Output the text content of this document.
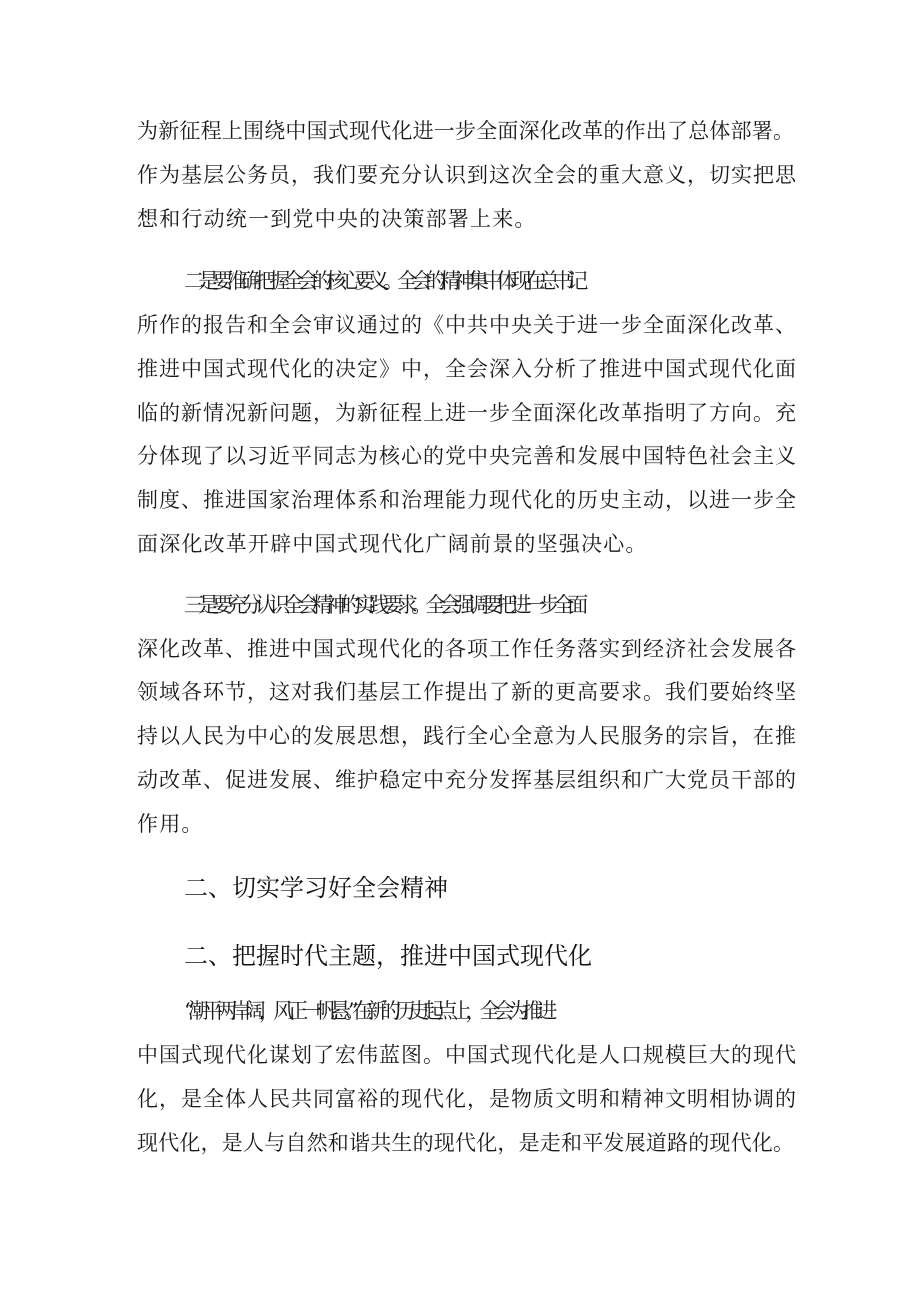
为新征程上围绕中国式现代化进一步全面深化改革的作出了总体部署。
作为基层公务员，我们要充分认识到这次全会的重大意义，切实把思
想和行动统一到党中央的决策部署上来。
二是要准确把握全会的核心要义。全会的精神集中体现在总书记
所作的报告和全会审议通过的《中共中央关于进一步全面深化改革、
推进中国式现代化的决定》中，全会深入分析了推进中国式现代化面
临的新情况新问题，为新征程上进一步全面深化改革指明了方向。充
分体现了以习近平同志为核心的党中央完善和发展中国特色社会主义
制度、推进国家治理体系和治理能力现代化的历史主动，以进一步全
面深化改革开辟中国式现代化广阔前景的坚强决心。
三是要充分认识全会精神的实践要求。全会强调要把进一步全面
深化改革、推进中国式现代化的各项工作任务落实到经济社会发展各
领域各环节，这对我们基层工作提出了新的更高要求。我们要始终坚
持以人民为中心的发展思想，践行全心全意为人民服务的宗旨，在推
动改革、促进发展、维护稳定中充分发挥基层组织和广大党员干部的
作用。
二、切实学习好全会精神
二、把握时代主题，推进中国式现代化
“潮平两岸阔，风正一帆悬。”在新的历史起点上，全会为推进
中国式现代化谋划了宏伟蓝图。中国式现代化是人口规模巨大的现代
化，是全体人民共同富裕的现代化，是物质文明和精神文明相协调的
现代化，是人与自然和谐共生的现代化，是走和平发展道路的现代化。
